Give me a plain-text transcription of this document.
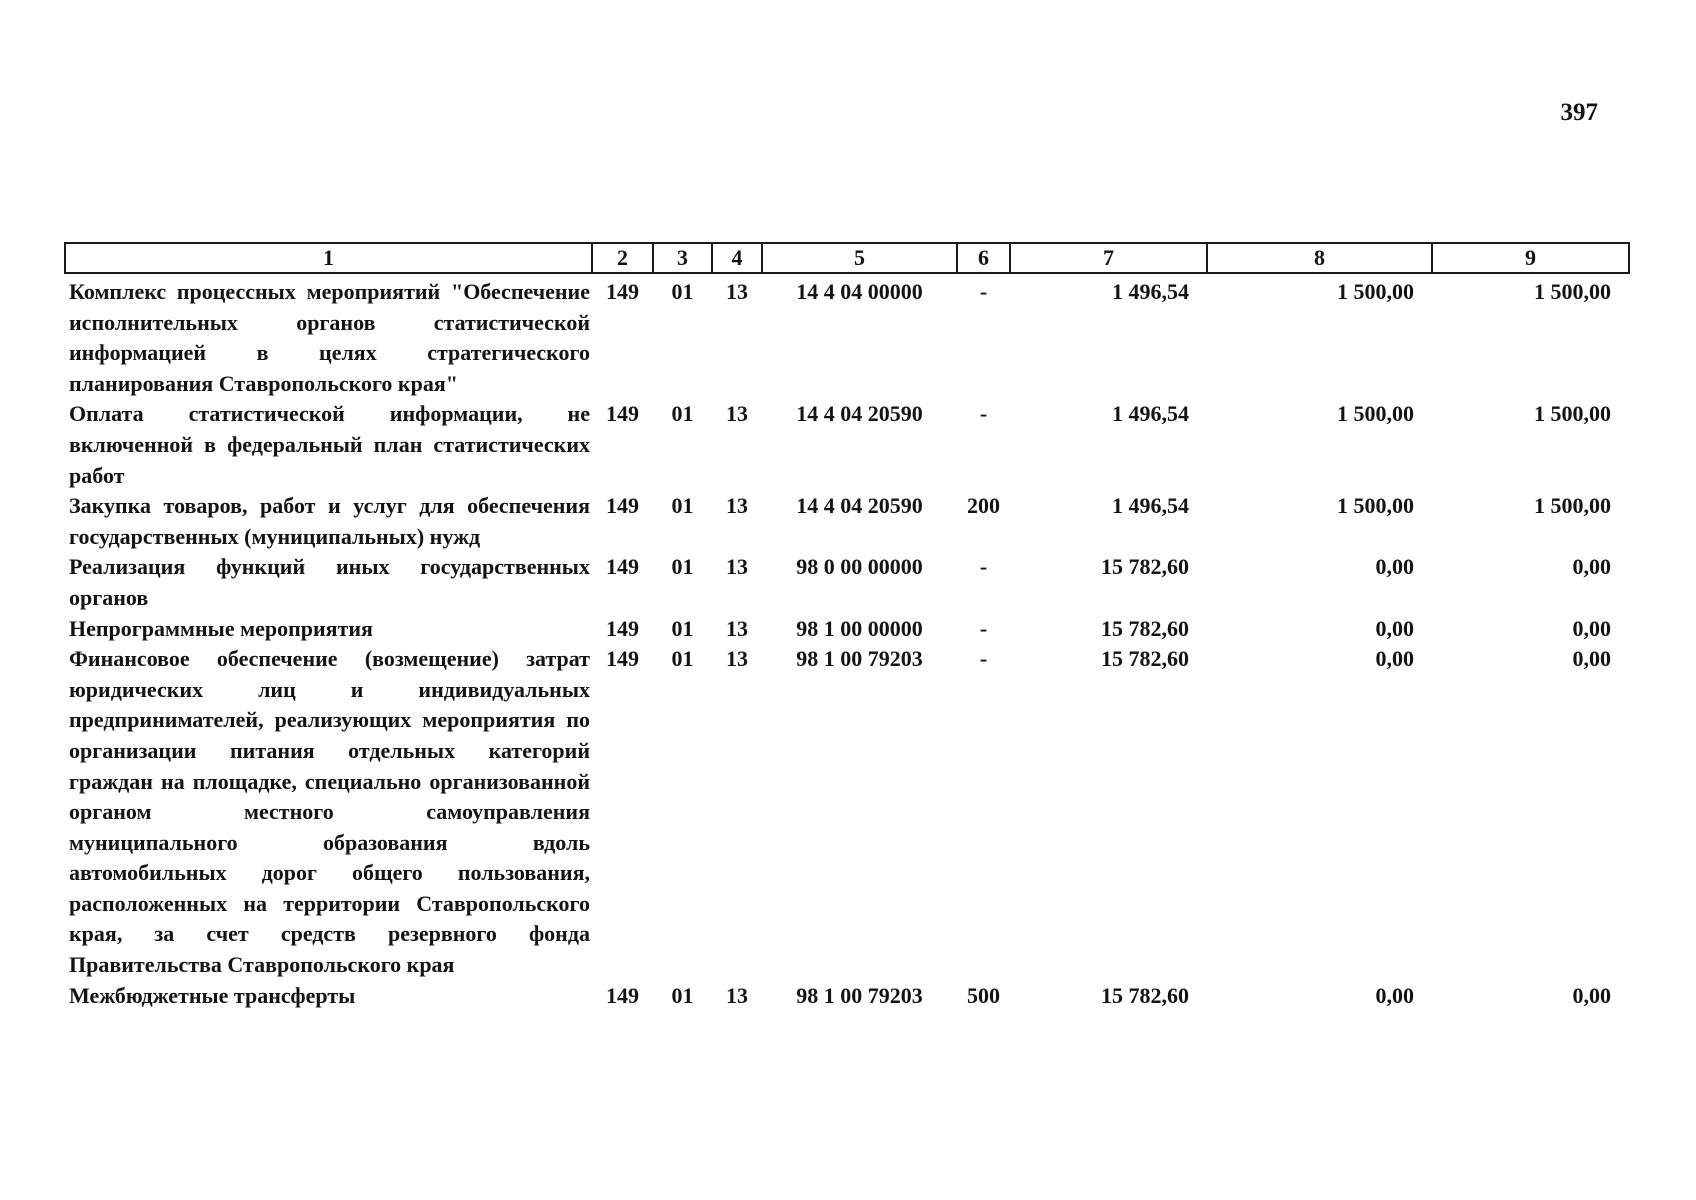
397
1	2	3	4	5	6	7	8	9
Комплекс процессных мероприятий "Обеспечение исполнительных органов статистической информацией в целях стратегического планирования Ставропольского края"	149	01	13	14 4 04 00000	-	1 496,54	1 500,00	1 500,00
Оплата статистической информации, не включенной в федеральный план статистических работ	149	01	13	14 4 04 20590	-	1 496,54	1 500,00	1 500,00
Закупка товаров, работ и услуг для обеспечения государственных (муниципальных) нужд	149	01	13	14 4 04 20590	200	1 496,54	1 500,00	1 500,00
Реализация функций иных государственных органов	149	01	13	98 0 00 00000	-	15 782,60	0,00	0,00
Непрограммные мероприятия	149	01	13	98 1 00 00000	-	15 782,60	0,00	0,00
Финансовое обеспечение (возмещение) затрат юридических лиц и индивидуальных предпринимателей, реализующих мероприятия по организации питания отдельных категорий граждан на площадке, специально организованной органом местного самоуправления муниципального образования вдоль автомобильных дорог общего пользования, расположенных на территории Ставропольского края, за счет средств резервного фонда Правительства Ставропольского края	149	01	13	98 1 00 79203	-	15 782,60	0,00	0,00
Межбюджетные трансферты	149	01	13	98 1 00 79203	500	15 782,60	0,00	0,00
